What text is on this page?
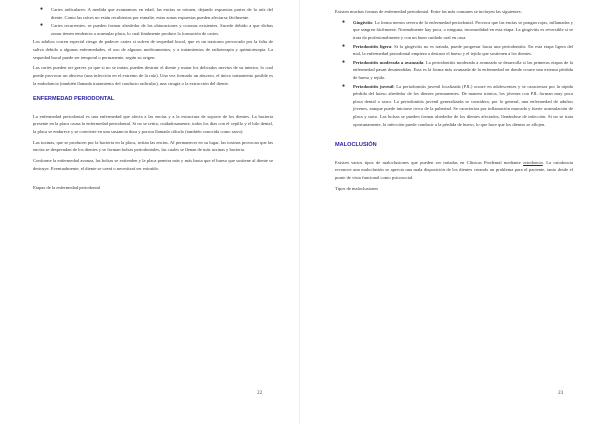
● Caries radiculares: A medida que avanzamos en edad, las encías se retraen, dejando expuestas partes de la raíz del diente. Como las raíces no están recubiertas por esmalte, estas zonas expuestas pueden afectarse fácilmente.
● Caries recurrentes: se pueden formar alrededor de las obturaciones y coronas existentes. Sucede debido a que dichas zonas tienen tendencia a acumular placa, lo cual finalmente produce la formación de caries.

Los adultos corren especial riesgo de padecer caries si sufren de sequedad bucal, que es un trastorno provocado por la falta de saliva debido a algunas enfermedades, el uso de algunos medicamentos, y a tratamientos de radioterapia y quimioterapia. La sequedad bucal puede ser temporal o permanente, según su origen.

Las caries pueden ser graves ya que si no se tratan, pueden destruir el diente y matar los delicados nervios de su interior, lo cual puede provocar un absceso (una infección en el extremo de la raíz). Una vez formado un absceso, el único tratamiento posible es la endodoncia (también llamada tratamiento del conducto radicular), una cirugía o la extracción del diente.

ENFERMEDAD PERIODONTAL

La enfermedad periodontal es una enfermedad que afecta a las encías y a la estructura de soporte de los dientes. La bacteria presente en la placa causa la enfermedad periodontal. Si no se retira, cuidadosamente, todos los días con el cepillo y el hilo dental, la placa se endurece y se convierte en una sustancia dura y porosa llamada cálculo (también conocida como sarro).

Las toxinas, que se producen por la bacteria en la placa, irritan las encías. Al permanecer en su lugar, las toxinas provocan que las encías se desprendan de los dientes y se forman bolsas periodontales, las cuales se llenan de más toxinas y bacteria.

Conforme la enfermedad avanza, las bolsas se extienden y la placa penetra más y más hasta que el hueso que sostiene al diente se destruye. Eventualmente, el diente se caerá o necesitará ser extraído.

Etapas de la enfermedad periodontal

22

Existen muchas formas de enfermedad periodontal. Entre las más comunes se incluyen las siguientes:

● Gingivitis: La forma menos severa de la enfermedad periodontal. Provoca que las encías se pongan rojas, inflamadas y que sangren fácilmente. Normalmente hay poca, o ninguna, incomodidad en esta etapa. La gingivitis es reversible si se trata da profesionalmente y con un buen cuidado oral en casa.
● Periodontitis ligera: Si la gingivitis no es tratada, puede progresar hacia una periodontitis. En esta etapa ligera del mal, la enfermedad periodontal empieza a destruir el hueso y el tejido que sostienen a los dientes.
● Periodontitis moderada a avanzada: La periodontitis moderada a avanzada se desarrolla si las primeras etapas de la enfermedad pasan desatendidas. Esta es la forma más avanzada de la enfermedad en donde ocurre una extensa pérdida de hueso y tejido.
● Periodontitis juvenil: La periodontitis juvenil localizada (PJL) ocurre en adolescentes y se caracteriza por la rápida pérdida del hueso alrededor de los dientes permanentes. De manera irónica, los jóvenes con PJL forman muy poca placa dental o sarro. La periodontitis juvenil generalizada se considera, por lo general, una enfermedad de adultos jóvenes, aunque puede iniciarse cerca de la pubertad. Se caracteriza por inflamación marcada y fuerte acumulación de placa y sarro. Las bolsas se pueden formar alrededor de los dientes afectados, llenándose de infección. Si no se trata oportunamente, la infección puede conducir a la pérdida de hueso, lo que hace que los dientes se aflojen.
MALOCLUSIÓN

Existen varios tipos de maloclusiones que pueden ser tratadas en Clínicas Prodental mediante ortodoncia. La ortodoncia reconoce una maloclusión se aprecia una mala disposición de los dientes creando un problema para el paciente, tanto desde el punto de vista funcional como psicosocial.

Tipos de maloclusiones

23
